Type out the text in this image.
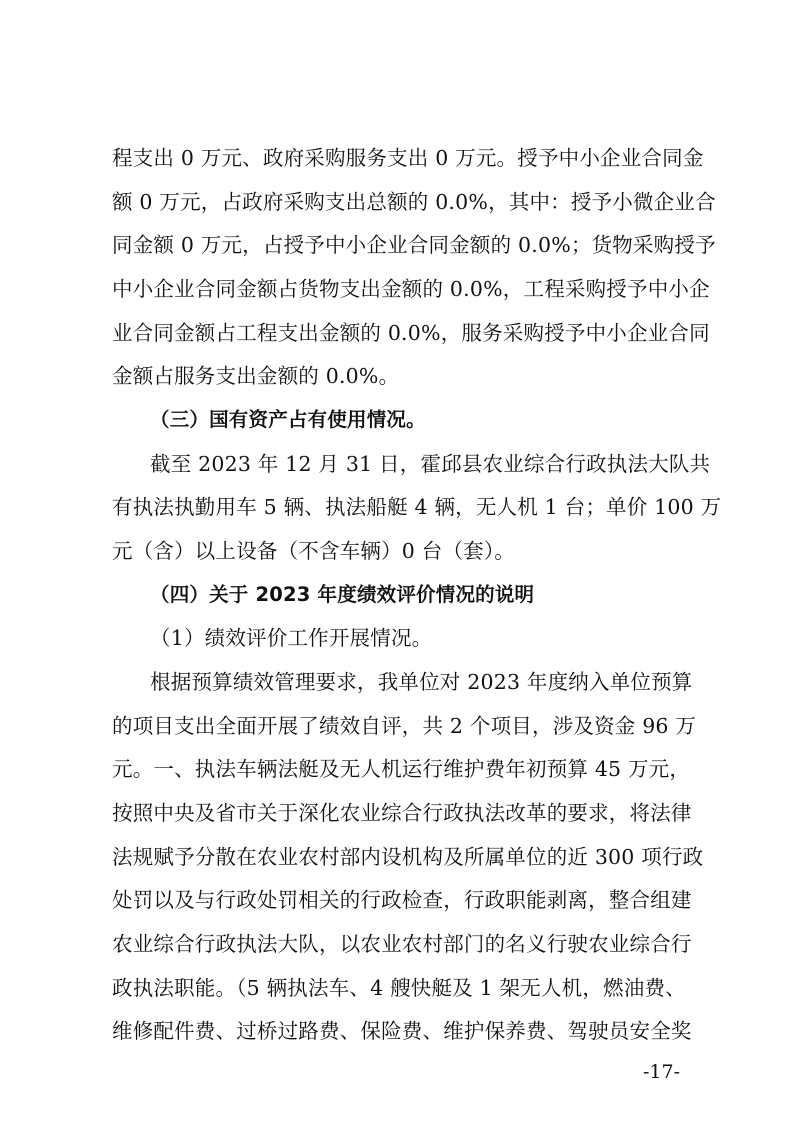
程支出 0 万元、政府采购服务支出 0 万元。授予中小企业合同金
额 0 万元，占政府采购支出总额的 0.0%，其中：授予小微企业合
同金额 0 万元，占授予中小企业合同金额的 0.0%；货物采购授予
中小企业合同金额占货物支出金额的 0.0%，工程采购授予中小企
业合同金额占工程支出金额的 0.0%，服务采购授予中小企业合同
金额占服务支出金额的 0.0%。
（三）国有资产占有使用情况。
截至 2023 年 12 月 31 日，霍邱县农业综合行政执法大队共
有执法执勤用车 5 辆、执法船艇 4 辆，无人机 1 台；单价 100 万
元（含）以上设备（不含车辆）0 台（套）。
（四）关于 2023 年度绩效评价情况的说明
（1）绩效评价工作开展情况。
根据预算绩效管理要求，我单位对 2023 年度纳入单位预算
的项目支出全面开展了绩效自评，共 2 个项目，涉及资金 96 万
元。一、执法车辆法艇及无人机运行维护费年初预算 45 万元，
按照中央及省市关于深化农业综合行政执法改革的要求，将法律
法规赋予分散在农业农村部内设机构及所属单位的近 300 项行政
处罚以及与行政处罚相关的行政检查，行政职能剥离，整合组建
农业综合行政执法大队，以农业农村部门的名义行驶农业综合行
政执法职能。（5 辆执法车、4 艘快艇及 1 架无人机，燃油费、
维修配件费、过桥过路费、保险费、维护保养费、驾驶员安全奖
-17-
